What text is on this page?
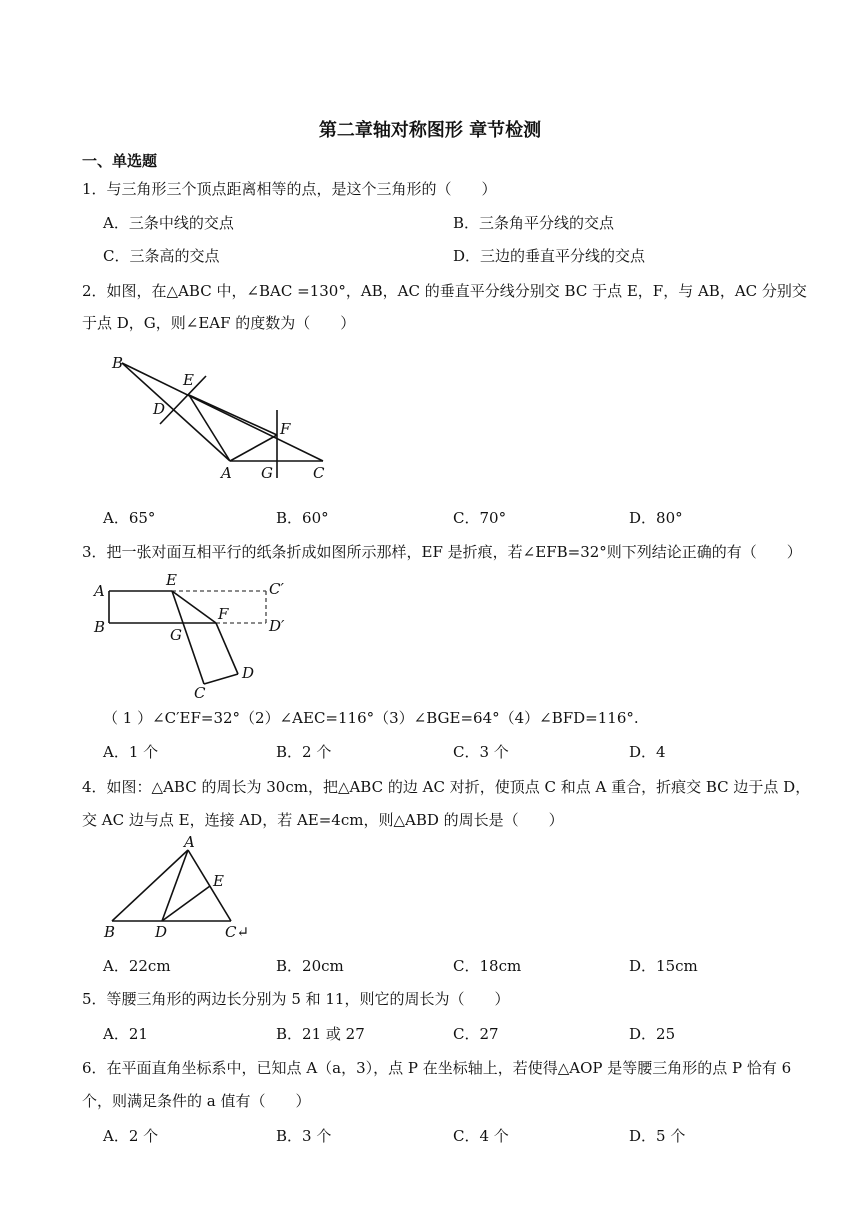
第二章轴对称图形 章节检测
一、单选题
1．与三角形三个顶点距离相等的点，是这个三角形的（　　）
A．三条中线的交点	B．三条角平分线的交点
C．三条高的交点	D．三边的垂直平分线的交点
2．如图，在△ABC 中，∠BAC =130°，AB，AC 的垂直平分线分别交 BC 于点 E，F，与 AB，AC 分别交
于点 D，G，则∠EAF 的度数为（　　）
B
E
D
F
A G	C
A．65°	B．60°	C．70°	D．80°
3．把一张对面互相平行的纸条折成如图所示那样，EF 是折痕，若∠EFB=32°则下列结论正确的有（　　）
A
E	C′
F
B	G	D′
D
C
（ 1 ）∠C′EF=32°（2）∠AEC=116°（3）∠BGE=64°（4）∠BFD=116°.
A．1 个	B．2 个	C．3 个	D．4
4．如图：△ABC 的周长为 30cm，把△ABC 的边 AC 对折，使顶点 C 和点 A 重合，折痕交 BC 边于点 D，
交 AC 边与点 E，连接 AD，若 AE=4cm，则△ABD 的周长是（　　）
A
E
B	D	C↵
A．22cm	B．20cm	C．18cm	D．15cm
5．等腰三角形的两边长分别为 5 和 11，则它的周长为（　　）
A．21	B．21 或 27	C．27	D．25
6．在平面直角坐标系中，已知点 A（a，3），点 P 在坐标轴上，若使得△AOP 是等腰三角形的点 P 恰有 6
个，则满足条件的 a 值有（　　）
A．2 个	B．3 个	C．4 个	D．5 个
